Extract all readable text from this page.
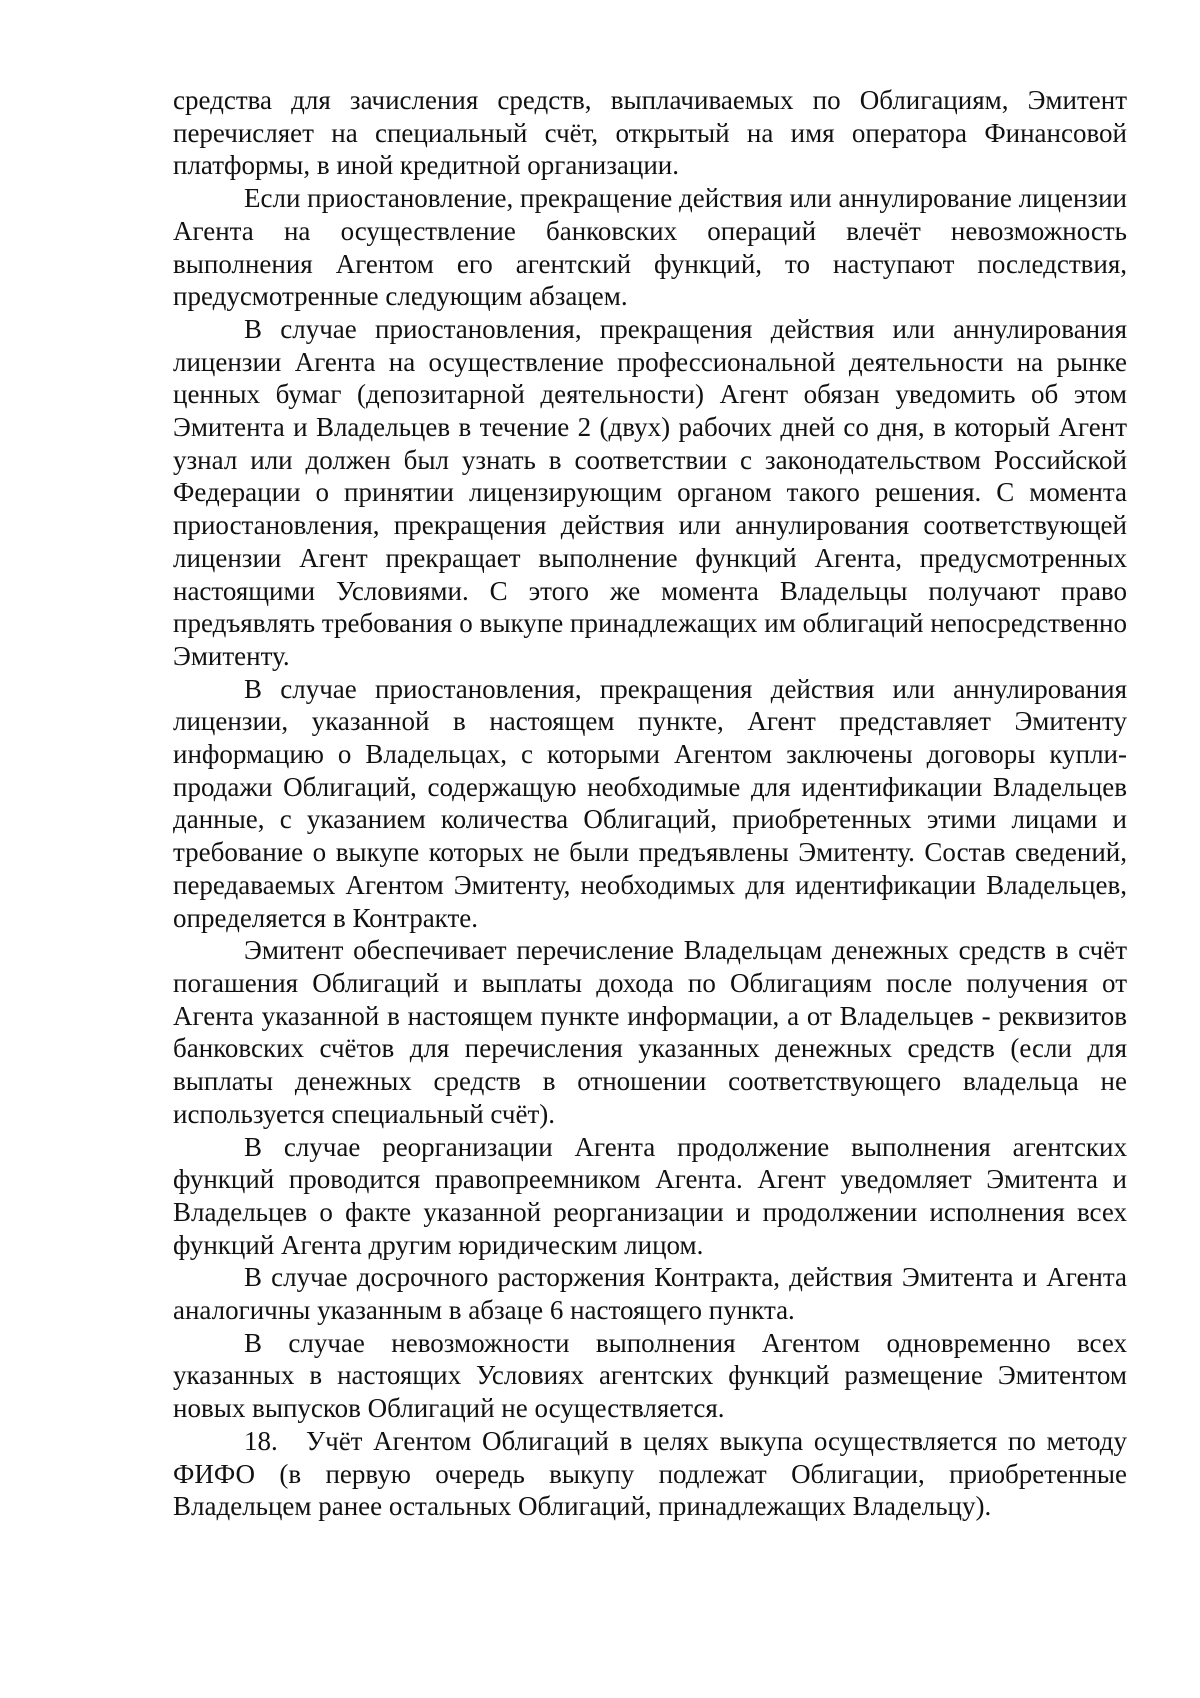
средства для зачисления средств, выплачиваемых по Облигациям, Эмитент перечисляет на специальный счёт, открытый на имя оператора Финансовой платформы, в иной кредитной организации.

Если приостановление, прекращение действия или аннулирование лицензии Агента на осуществление банковских операций влечёт невозможность выполнения Агентом его агентский функций, то наступают последствия, предусмотренные следующим абзацем.

В случае приостановления, прекращения действия или аннулирования лицензии Агента на осуществление профессиональной деятельности на рынке ценных бумаг (депозитарной деятельности) Агент обязан уведомить об этом Эмитента и Владельцев в течение 2 (двух) рабочих дней со дня, в который Агент узнал или должен был узнать в соответствии с законодательством Российской Федерации о принятии лицензирующим органом такого решения. С момента приостановления, прекращения действия или аннулирования соответствующей лицензии Агент прекращает выполнение функций Агента, предусмотренных настоящими Условиями. С этого же момента Владельцы получают право предъявлять требования о выкупе принадлежащих им облигаций непосредственно Эмитенту.

В случае приостановления, прекращения действия или аннулирования лицензии, указанной в настоящем пункте, Агент представляет Эмитенту информацию о Владельцах, с которыми Агентом заключены договоры купли-продажи Облигаций, содержащую необходимые для идентификации Владельцев данные, с указанием количества Облигаций, приобретенных этими лицами и требование о выкупе которых не были предъявлены Эмитенту. Состав сведений, передаваемых Агентом Эмитенту, необходимых для идентификации Владельцев, определяется в Контракте.

Эмитент обеспечивает перечисление Владельцам денежных средств в счёт погашения Облигаций и выплаты дохода по Облигациям после получения от Агента указанной в настоящем пункте информации, а от Владельцев - реквизитов банковских счётов для перечисления указанных денежных средств (если для выплаты денежных средств в отношении соответствующего владельца не используется специальный счёт).

В случае реорганизации Агента продолжение выполнения агентских функций проводится правопреемником Агента. Агент уведомляет Эмитента и Владельцев о факте указанной реорганизации и продолжении исполнения всех функций Агента другим юридическим лицом.

В случае досрочного расторжения Контракта, действия Эмитента и Агента аналогичны указанным в абзаце 6 настоящего пункта.

В случае невозможности выполнения Агентом одновременно всех указанных в настоящих Условиях агентских функций размещение Эмитентом новых выпусков Облигаций не осуществляется.

18. Учёт Агентом Облигаций в целях выкупа осуществляется по методу ФИФО (в первую очередь выкупу подлежат Облигации, приобретенные Владельцем ранее остальных Облигаций, принадлежащих Владельцу).
